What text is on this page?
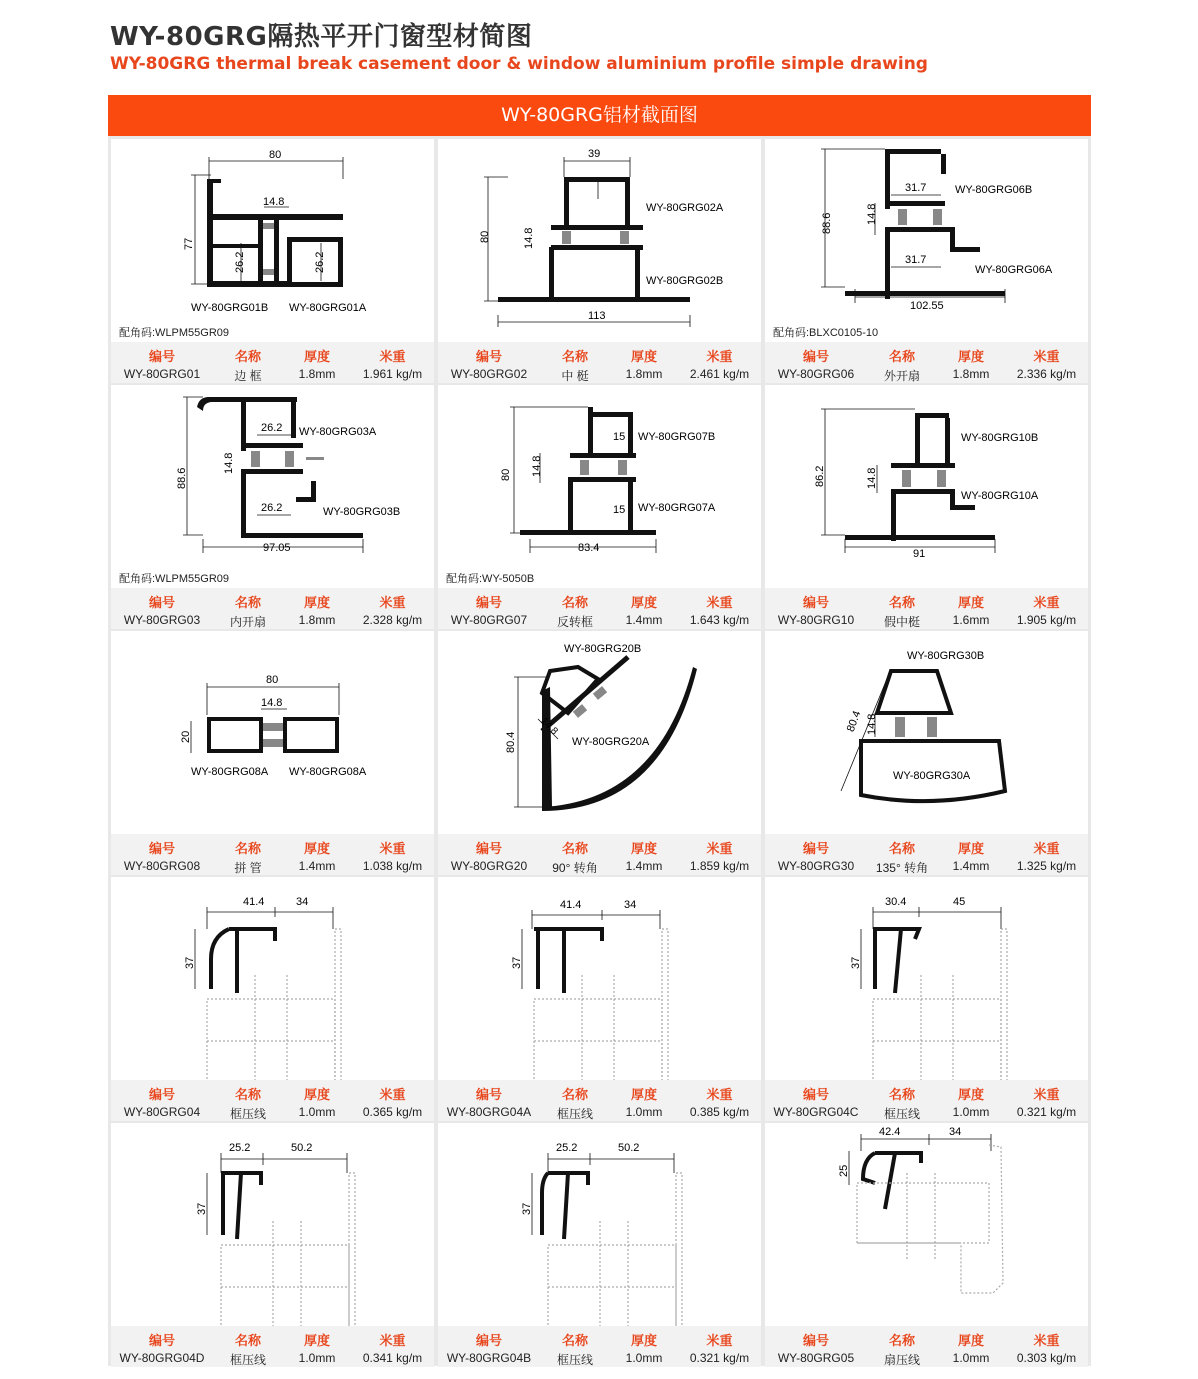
WY-80GRG隔热平开门窗型材简图
WY-80GRG thermal break casement door & window aluminium profile simple drawing
WY-80GRG铝材截面图
80
77
14.8
26.2	26.2
WY-80GRG01B WY-80GRG01A
配角码:WLPM55GR09
编号	名称	厚度	米重
WY-80GRG01	边 框	1.8mm	1.961 kg/m
39
80	14.8
113
WY-80GRG02A
WY-80GRG02B
编号	名称	厚度	米重
WY-80GRG02	中 梃	1.8mm	2.461 kg/m
31.7
31.7
88.6	14.8
102.55
WY-80GRG06B
WY-80GRG06A
配角码:BLXC0105-10
编号	名称	厚度	米重
WY-80GRG06	外开扇	1.8mm	2.336 kg/m
26.2
26.2
88.6
14.8
97.05
WY-80GRG03A
WY-80GRG03B
配角码:WLPM55GR09
编号	名称	厚度	米重
WY-80GRG03	内开扇	1.8mm	2.328 kg/m
15
15
80 14.8
83.4
WY-80GRG07B
WY-80GRG07A
配角码:WY-5050B
编号	名称	厚度	米重
WY-80GRG07	反转框	1.4mm	1.643 kg/m
86.2	14.8
91
WY-80GRG10B
WY-80GRG10A
编号	名称	厚度	米重
WY-80GRG10	假中梃	1.6mm	1.905 kg/m
80
14.8
20
WY-80GRG08A WY-80GRG08A
编号	名称	厚度	米重
WY-80GRG08	拼 管	1.4mm	1.038 kg/m
80.4
14.8
WY-80GRG20B
WY-80GRG20A
编号	名称	厚度	米重
WY-80GRG20	90° 转角	1.4mm	1.859 kg/m
80.4 14.8
WY-80GRG30B
WY-80GRG30A
编号	名称	厚度	米重
WY-80GRG30	135° 转角	1.4mm	1.325 kg/m
41.4	34
37
编号	名称	厚度	米重
WY-80GRG04	框压线	1.0mm	0.365 kg/m
41.4	34
37
编号	名称	厚度	米重
WY-80GRG04A	框压线	1.0mm	0.385 kg/m
30.4	45
37
编号	名称	厚度	米重
WY-80GRG04C	框压线	1.0mm	0.321 kg/m
25.2	50.2
37
编号	名称	厚度	米重
WY-80GRG04D	框压线	1.0mm	0.341 kg/m
25.2	50.2
37
编号	名称	厚度	米重
WY-80GRG04B	框压线	1.0mm	0.321 kg/m
42.4	34
25
编号	名称	厚度	米重
WY-80GRG05	扇压线	1.0mm	0.303 kg/m
